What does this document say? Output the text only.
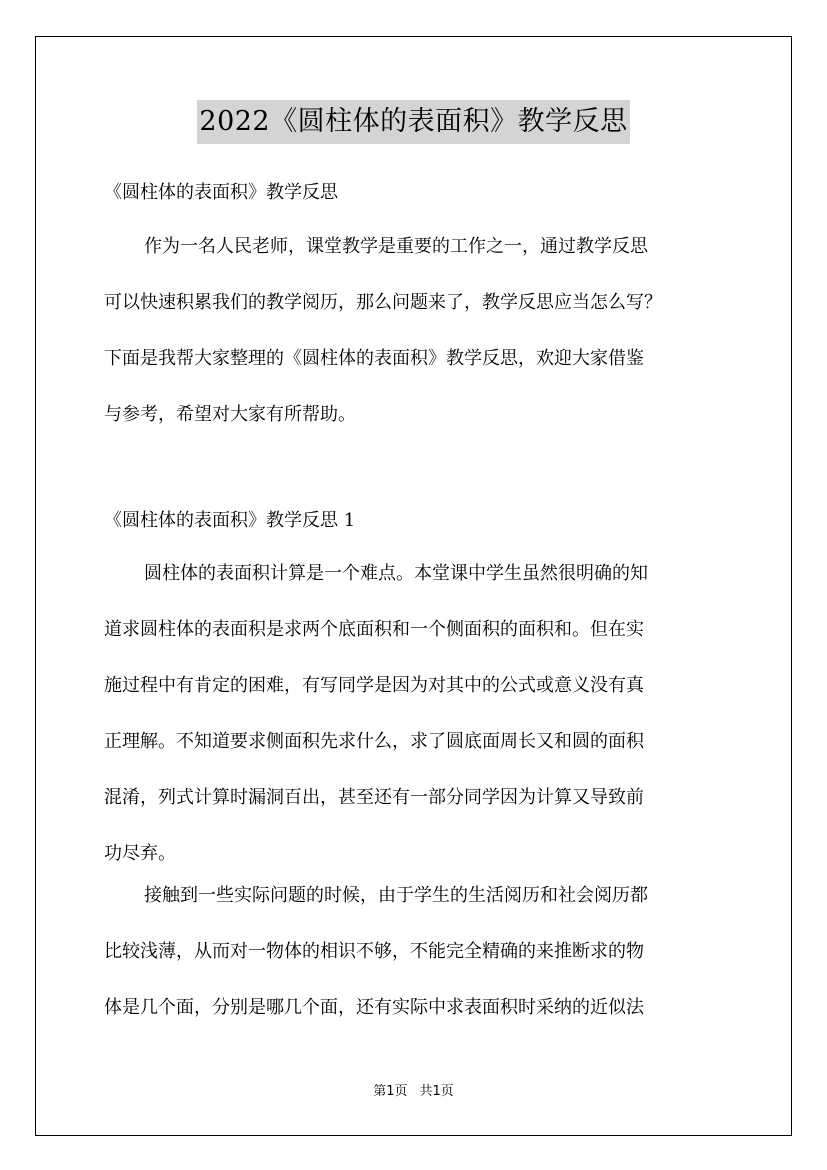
2022《圆柱体的表面积》教学反思
《圆柱体的表面积》教学反思
作为一名人民老师，课堂教学是重要的工作之一，通过教学反思
可以快速积累我们的教学阅历，那么问题来了，教学反思应当怎么写？
下面是我帮大家整理的《圆柱体的表面积》教学反思，欢迎大家借鉴
与参考，希望对大家有所帮助。
《圆柱体的表面积》教学反思 1
圆柱体的表面积计算是一个难点。本堂课中学生虽然很明确的知
道求圆柱体的表面积是求两个底面积和一个侧面积的面积和。但在实
施过程中有肯定的困难，有写同学是因为对其中的公式或意义没有真
正理解。不知道要求侧面积先求什么，求了圆底面周长又和圆的面积
混淆，列式计算时漏洞百出，甚至还有一部分同学因为计算又导致前
功尽弃。
接触到一些实际问题的时候，由于学生的生活阅历和社会阅历都
比较浅薄，从而对一物体的相识不够，不能完全精确的来推断求的物
体是几个面，分别是哪几个面，还有实际中求表面积时采纳的近似法
第1页 共1页
